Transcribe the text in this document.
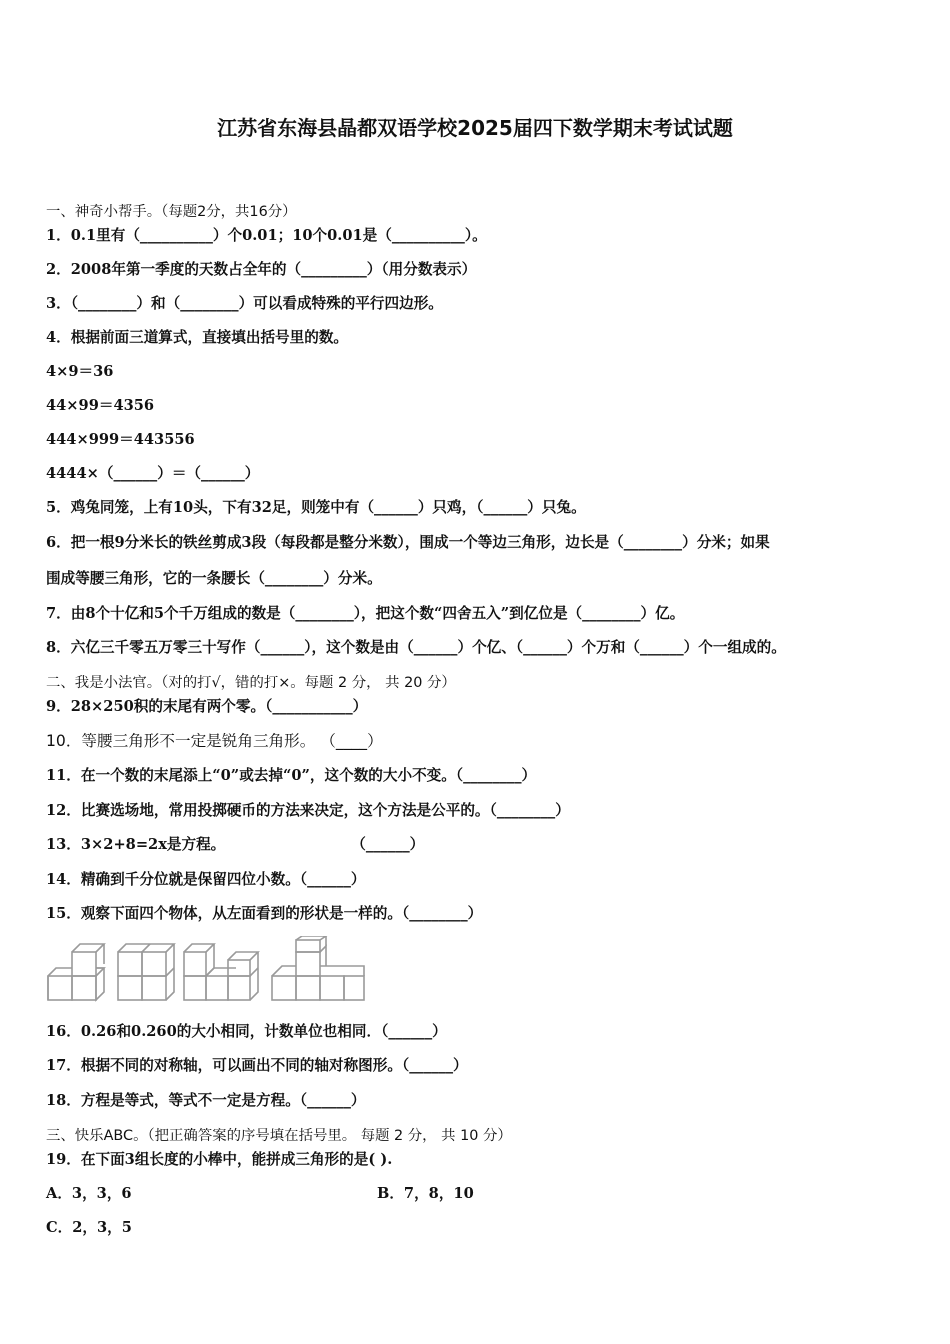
江苏省东海县晶都双语学校2025届四下数学期末考试试题
一、神奇小帮手。（每题2分，共16分）
1．0.1里有（__________）个0.01；10个0.01是（__________）。
2．2008年第一季度的天数占全年的（_________）（用分数表示）
3．（________）和（________）可以看成特殊的平行四边形。
4．根据前面三道算式，直接填出括号里的数。
4×9＝36
44×99＝4356
444×999＝443556
4444×（______）＝（______）
5．鸡兔同笼，上有10头，下有32足，则笼中有（______）只鸡，（______）只兔。
6．把一根9分米长的铁丝剪成3段（每段都是整分米数），围成一个等边三角形，边长是（________）分米；如果
围成等腰三角形，它的一条腰长（________）分米。
7．由8个十亿和5个千万组成的数是（________），把这个数“四舍五入”到亿位是（________）亿。
8．六亿三千零五万零三十写作（______），这个数是由（______）个亿、（______）个万和（______）个一组成的。
二、我是小法官。（对的打√，错的打×。每题 2 分， 共 20 分）
9．28×250积的末尾有两个零。（___________）
10．等腰三角形不一定是锐角三角形。 （____）
11．在一个数的末尾添上“0”或去掉“0”，这个数的大小不变。（________）
12．比赛选场地，常用投掷硬币的方法来决定，这个方法是公平的。（________）
13．3×2+8=2x是方程。	（______）
14．精确到千分位就是保留四位小数。（______）
15．观察下面四个物体，从左面看到的形状是一样的。（________）
16．0.26和0.260的大小相同，计数单位也相同．（______）
17．根据不同的对称轴，可以画出不同的轴对称图形。（______）
18．方程是等式，等式不一定是方程。（______）
三、快乐ABC。（把正确答案的序号填在括号里。 每题 2 分， 共 10 分）
19．在下面3组长度的小棒中，能拼成三角形的是( ).
A．3，3，6	B．7，8，10
C．2，3，5
